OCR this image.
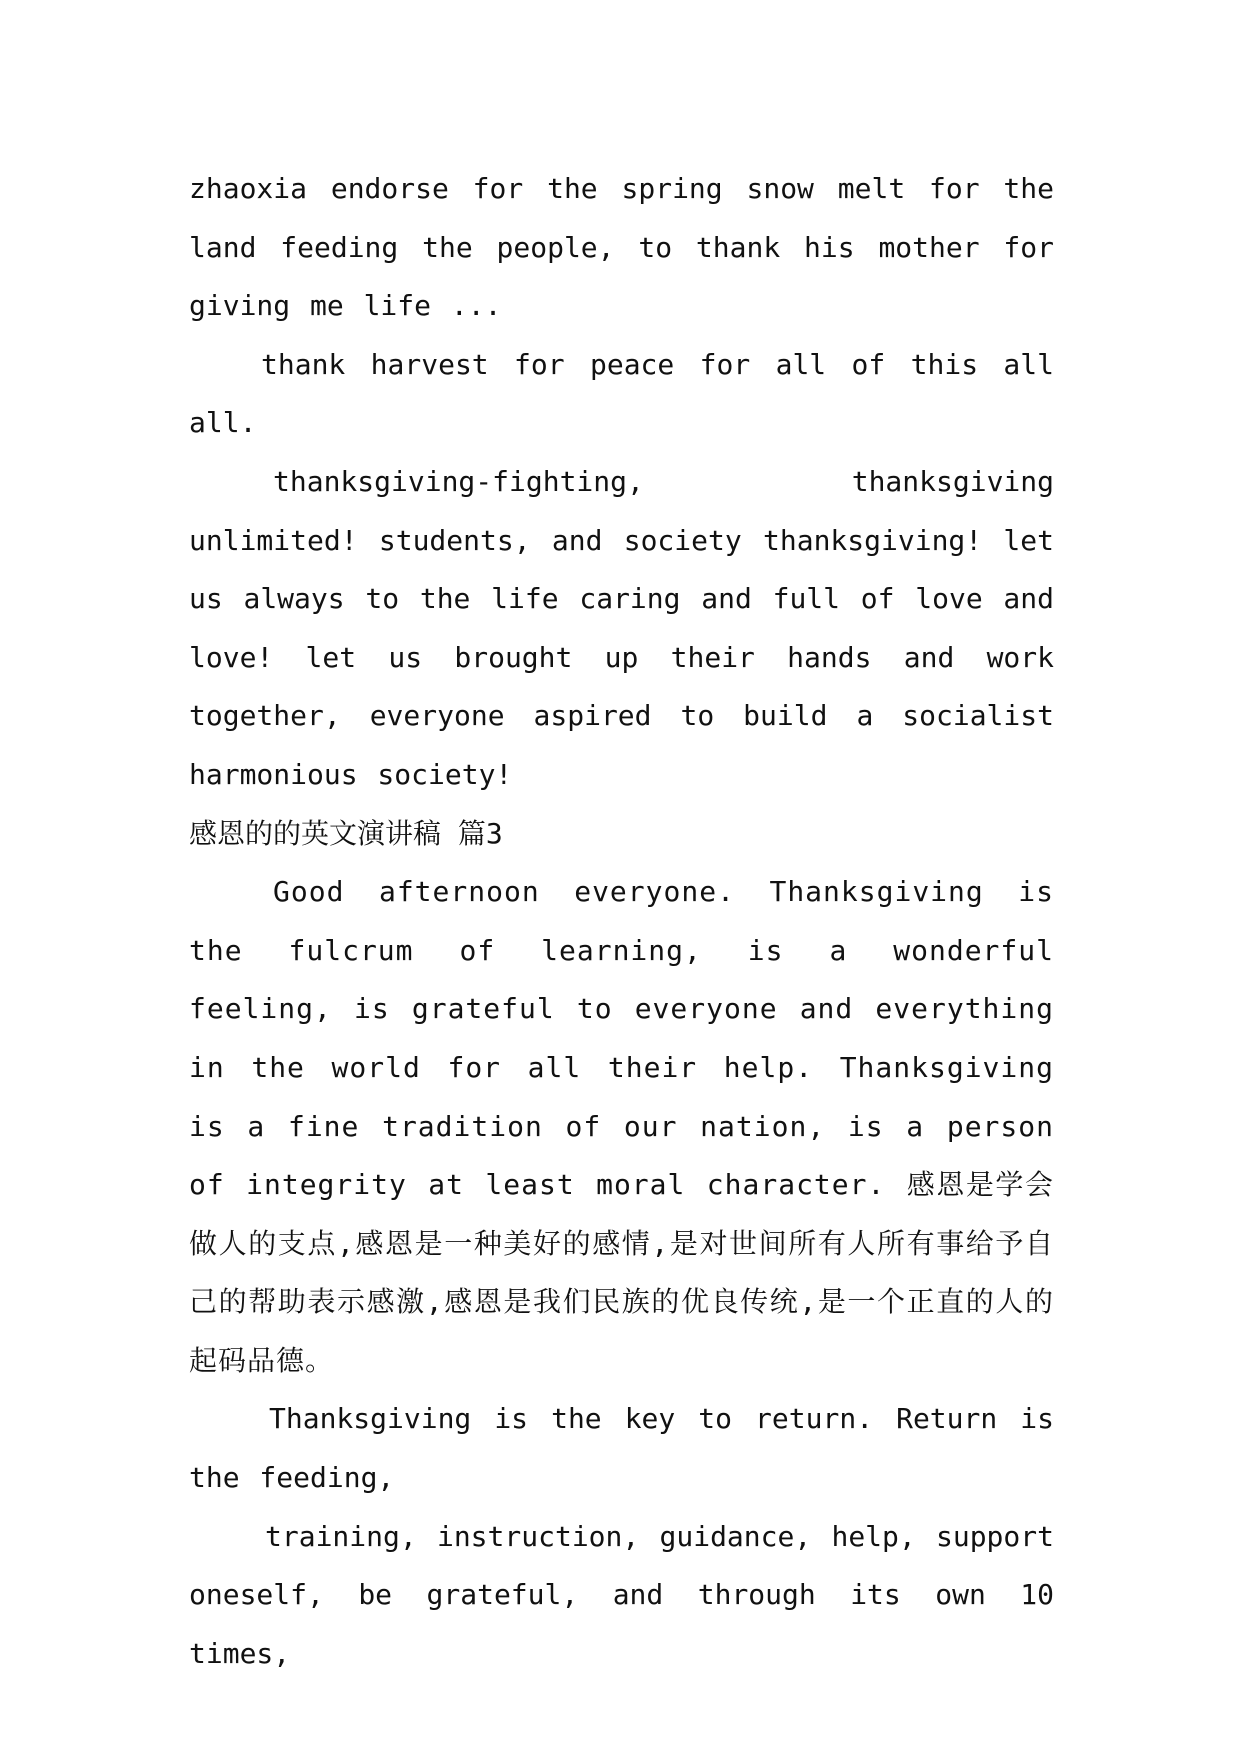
zhaoxia endorse for the spring snow melt for the land feeding the people, to thank his mother for giving me life ...

thank harvest for peace for all of this all all.

thanksgiving-fighting, thanksgiving unlimited! students, and society thanksgiving! let us always to the life caring and full of love and love! let us brought up their hands and work together, everyone aspired to build a socialist harmonious society!

感恩的的英文演讲稿 篇3

Good afternoon everyone. Thanksgiving is the fulcrum of learning, is a wonderful feeling, is grateful to everyone and everything in the world for all their help. Thanksgiving is a fine tradition of our nation, is a person of integrity at least moral character. 感恩是学会做人的支点,感恩是一种美好的感情,是对世间所有人所有事给予自己的帮助表示感激,感恩是我们民族的优良传统,是一个正直的人的起码品德。

Thanksgiving is the key to return. Return is the feeding,

training, instruction, guidance, help, support oneself, be grateful, and through its own 10 times,
